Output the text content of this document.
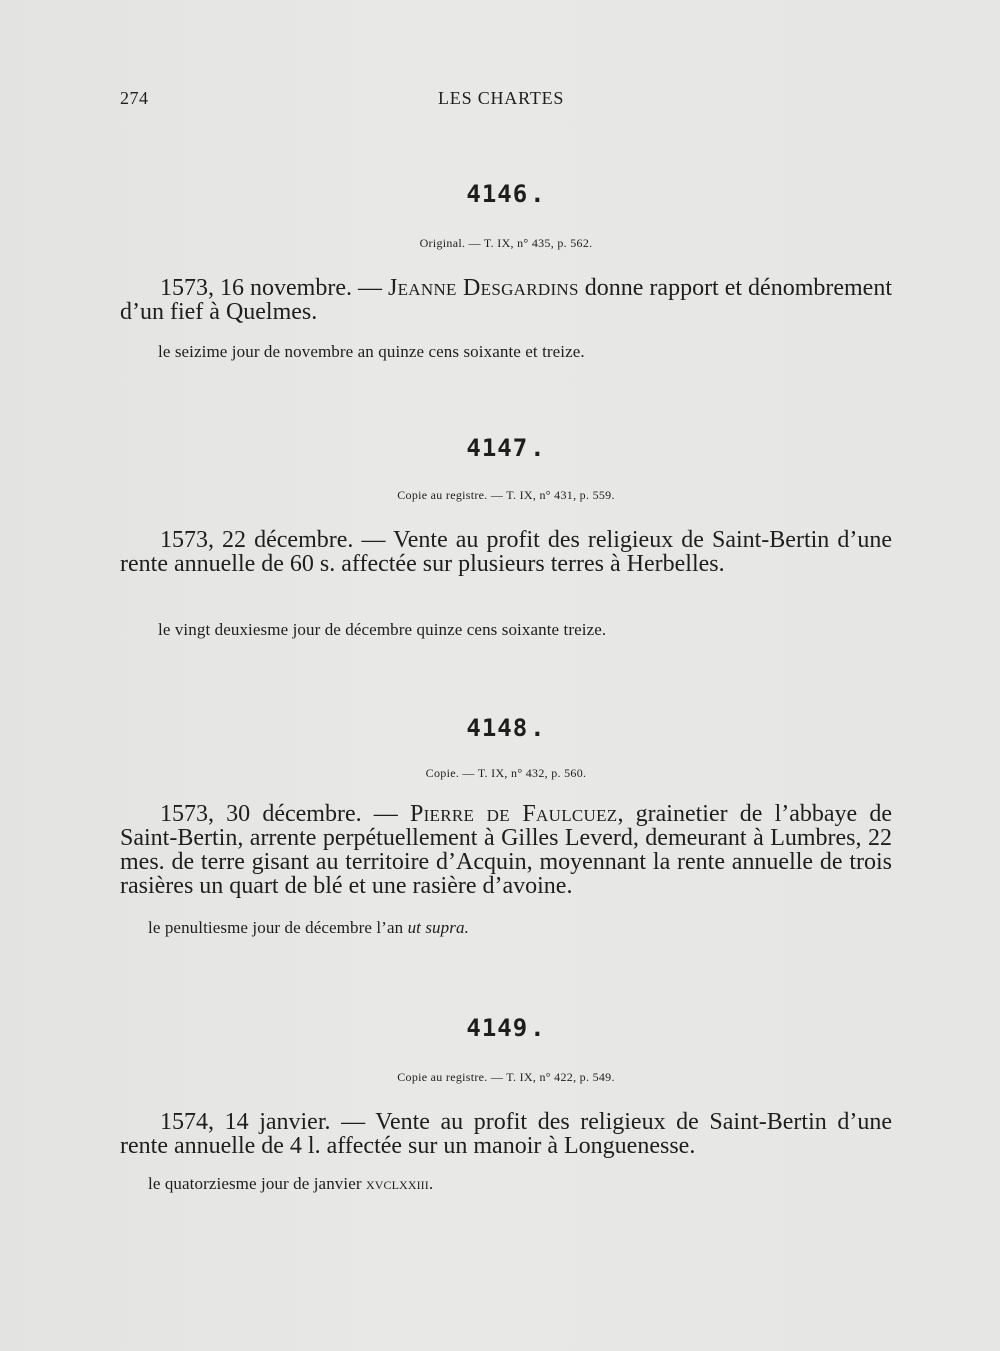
274	LES CHARTES
4146.
Original. — T. IX, n° 435, p. 562.
1573, 16 novembre. — Jeanne Desgardins donne rapport et dénombrement d’un fief à Quelmes.
le seizime jour de novembre an quinze cens soixante et treize.
4147.
Copie au registre. — T. IX, n° 431, p. 559.
1573, 22 décembre. — Vente au profit des religieux de Saint-Bertin d’une rente annuelle de 60 s. affectée sur plusieurs terres à Herbelles.
le vingt deuxiesme jour de décembre quinze cens soixante treize.
4148.
Copie. — T. IX, n° 432, p. 560.
1573, 30 décembre. — Pierre de Faulcuez, grainetier de l’abbaye de Saint-Bertin, arrente perpétuellement à Gilles Leverd, demeurant à Lumbres, 22 mes. de terre gisant au territoire d’Acquin, moyennant la rente annuelle de trois rasières un quart de blé et une rasière d’avoine.
le penultiesme jour de décembre l’an ut supra.
4149.
Copie au registre. — T. IX, n° 422, p. 549.
1574, 14 janvier. — Vente au profit des religieux de Saint-Bertin d’une rente annuelle de 4 l. affectée sur un manoir à Longuenesse.
le quatorziesme jour de janvier xvclxxiii.
